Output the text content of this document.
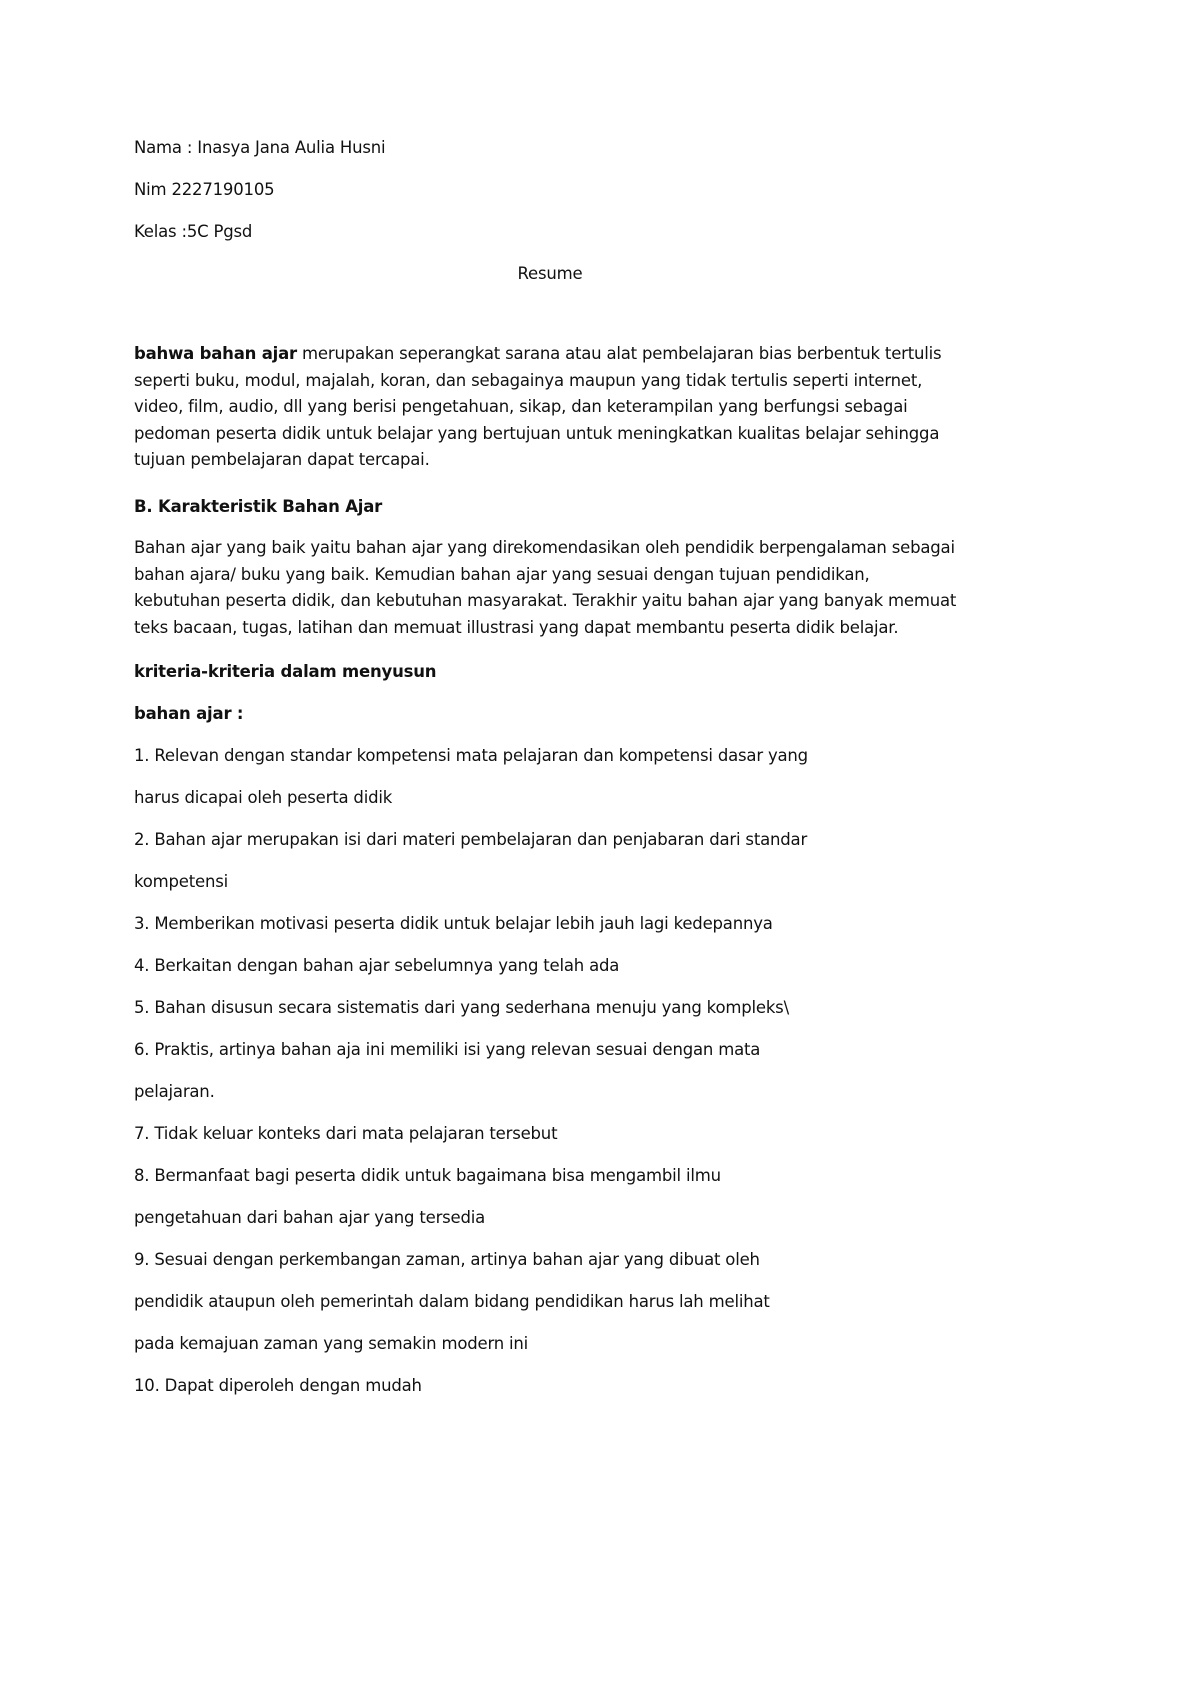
Nama : Inasya Jana Aulia Husni

Nim 2227190105

Kelas :5C Pgsd

Resume

bahwa bahan ajar merupakan seperangkat sarana atau alat pembelajaran bias berbentuk tertulis
seperti buku, modul, majalah, koran, dan sebagainya maupun yang tidak tertulis seperti internet,
video, film, audio, dll yang berisi pengetahuan, sikap, dan keterampilan yang berfungsi sebagai
pedoman peserta didik untuk belajar yang bertujuan untuk meningkatkan kualitas belajar sehingga
tujuan pembelajaran dapat tercapai.

B. Karakteristik Bahan Ajar

Bahan ajar yang baik yaitu bahan ajar yang direkomendasikan oleh pendidik berpengalaman sebagai
bahan ajara/ buku yang baik. Kemudian bahan ajar yang sesuai dengan tujuan pendidikan,
kebutuhan peserta didik, dan kebutuhan masyarakat. Terakhir yaitu bahan ajar yang banyak memuat
teks bacaan, tugas, latihan dan memuat illustrasi yang dapat membantu peserta didik belajar.

kriteria-kriteria dalam menyusun

bahan ajar :

1. Relevan dengan standar kompetensi mata pelajaran dan kompetensi dasar yang

harus dicapai oleh peserta didik

2. Bahan ajar merupakan isi dari materi pembelajaran dan penjabaran dari standar

kompetensi

3. Memberikan motivasi peserta didik untuk belajar lebih jauh lagi kedepannya

4. Berkaitan dengan bahan ajar sebelumnya yang telah ada

5. Bahan disusun secara sistematis dari yang sederhana menuju yang kompleks\

6. Praktis, artinya bahan aja ini memiliki isi yang relevan sesuai dengan mata

pelajaran.

7. Tidak keluar konteks dari mata pelajaran tersebut

8. Bermanfaat bagi peserta didik untuk bagaimana bisa mengambil ilmu

pengetahuan dari bahan ajar yang tersedia

9. Sesuai dengan perkembangan zaman, artinya bahan ajar yang dibuat oleh

pendidik ataupun oleh pemerintah dalam bidang pendidikan harus lah melihat

pada kemajuan zaman yang semakin modern ini

10. Dapat diperoleh dengan mudah
